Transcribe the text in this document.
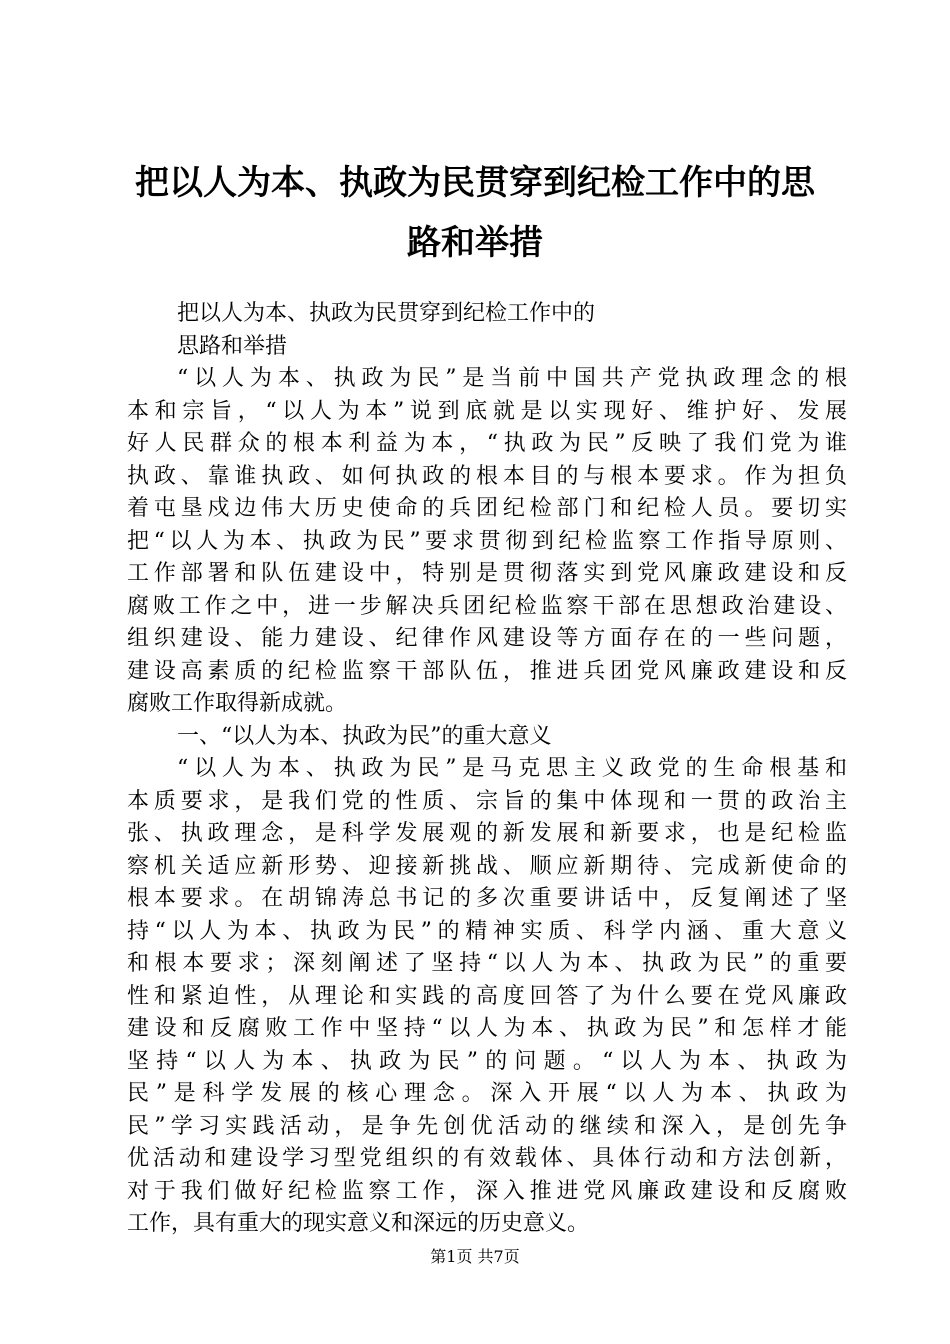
把以人为本、执政为民贯穿到纪检工作中的思
路和举措
把以人为本、执政为民贯穿到纪检工作中的
思路和举措
“以人为本、执政为民”是当前中国共产党执政理念的根
本和宗旨，“以人为本”说到底就是以实现好、维护好、发展
好人民群众的根本利益为本，“执政为民”反映了我们党为谁
执政、靠谁执政、如何执政的根本目的与根本要求。作为担负
着屯垦戍边伟大历史使命的兵团纪检部门和纪检人员。要切实
把“以人为本、执政为民”要求贯彻到纪检监察工作指导原则、
工作部署和队伍建设中，特别是贯彻落实到党风廉政建设和反
腐败工作之中，进一步解决兵团纪检监察干部在思想政治建设、
组织建设、能力建设、纪律作风建设等方面存在的一些问题，
建设高素质的纪检监察干部队伍，推进兵团党风廉政建设和反
腐败工作取得新成就。
一、“以人为本、执政为民”的重大意义
“以人为本、执政为民”是马克思主义政党的生命根基和
本质要求，是我们党的性质、宗旨的集中体现和一贯的政治主
张、执政理念，是科学发展观的新发展和新要求，也是纪检监
察机关适应新形势、迎接新挑战、顺应新期待、完成新使命的
根本要求。在胡锦涛总书记的多次重要讲话中，反复阐述了坚
持“以人为本、执政为民”的精神实质、科学内涵、重大意义
和根本要求；深刻阐述了坚持“以人为本、执政为民”的重要
性和紧迫性，从理论和实践的高度回答了为什么要在党风廉政
建设和反腐败工作中坚持“以人为本、执政为民”和怎样才能
坚持“以人为本、执政为民”的问题。“以人为本、执政为
民”是科学发展的核心理念。深入开展“以人为本、执政为
民”学习实践活动，是争先创优活动的继续和深入，是创先争
优活动和建设学习型党组织的有效载体、具体行动和方法创新，
对于我们做好纪检监察工作，深入推进党风廉政建设和反腐败
工作，具有重大的现实意义和深远的历史意义。
第1页 共7页
